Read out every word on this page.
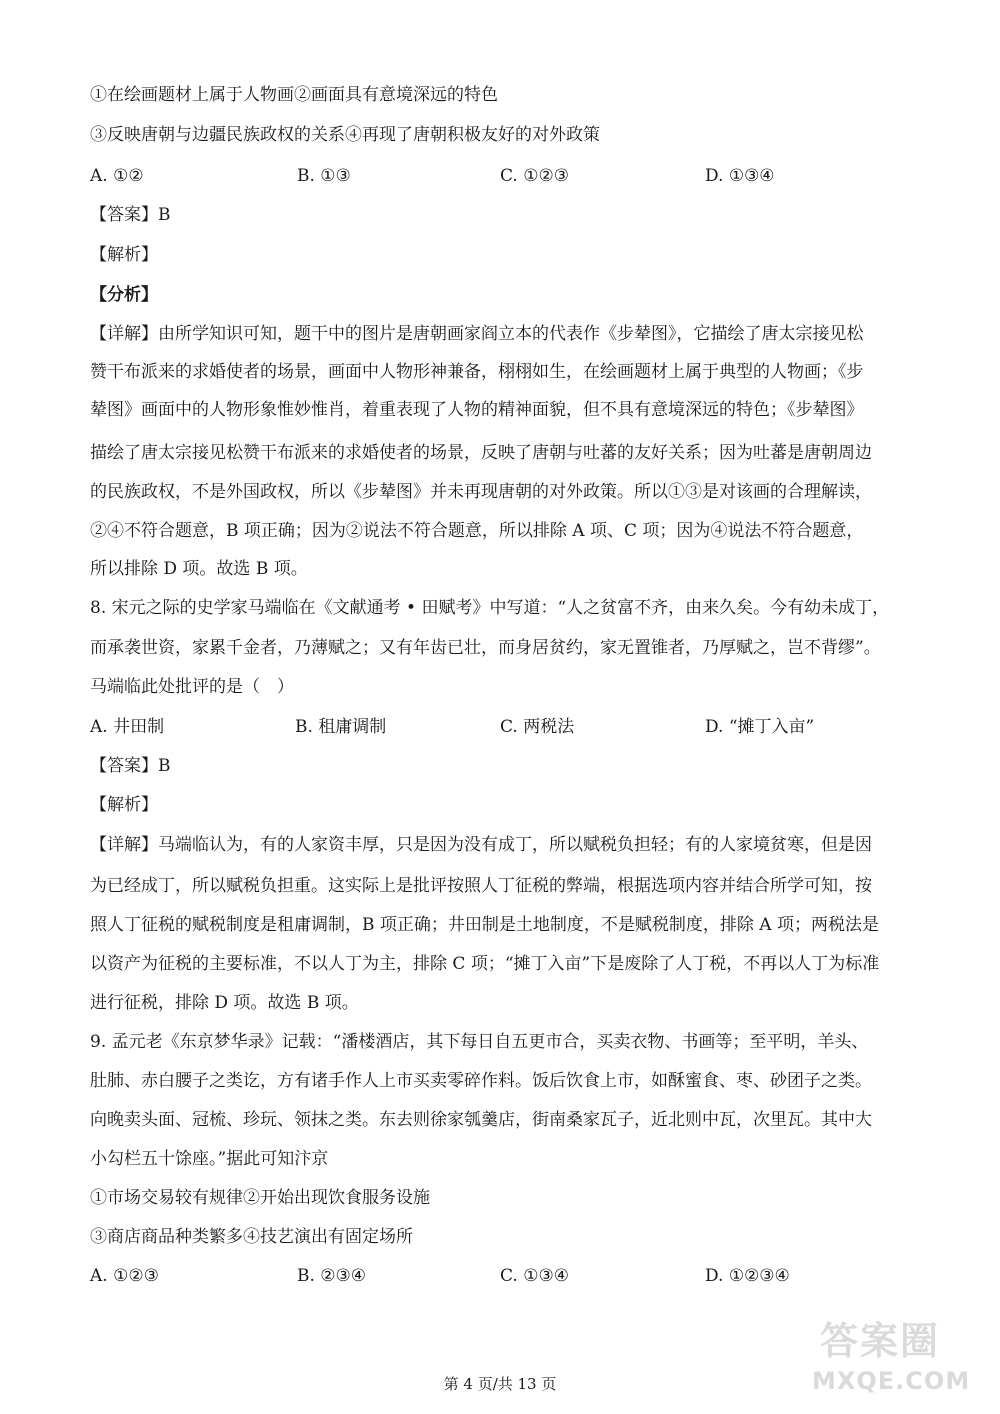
①在绘画题材上属于人物画②画面具有意境深远的特色
③反映唐朝与边疆民族政权的关系④再现了唐朝积极友好的对外政策
A. ①②	B. ①③	C. ①②③	D. ①③④
【答案】B
【解析】
【分析】
【详解】由所学知识可知，题干中的图片是唐朝画家阎立本的代表作《步辇图》，它描绘了唐太宗接见松
赞干布派来的求婚使者的场景，画面中人物形神兼备，栩栩如生，在绘画题材上属于典型的人物画；《步
辇图》画面中的人物形象惟妙惟肖，着重表现了人物的精神面貌，但不具有意境深远的特色；《步辇图》
描绘了唐太宗接见松赞干布派来的求婚使者的场景，反映了唐朝与吐蕃的友好关系；因为吐蕃是唐朝周边
的民族政权，不是外国政权，所以《步辇图》并未再现唐朝的对外政策。所以①③是对该画的合理解读，
②④不符合题意，B 项正确；因为②说法不符合题意，所以排除 A 项、C 项；因为④说法不符合题意，
所以排除 D 项。故选 B 项。
8. 宋元之际的史学家马端临在《文献通考 • 田赋考》中写道：“人之贫富不齐，由来久矣。今有幼未成丁，
而承袭世资，家累千金者，乃薄赋之；又有年齿已壮，而身居贫约，家无置锥者，乃厚赋之，岂不背缪”。
马端临此处批评的是（　）
A. 井田制	B. 租庸调制	C. 两税法	D. “摊丁入亩”
【答案】B
【解析】
【详解】马端临认为，有的人家资丰厚，只是因为没有成丁，所以赋税负担轻；有的人家境贫寒，但是因
为已经成丁，所以赋税负担重。这实际上是批评按照人丁征税的弊端，根据选项内容并结合所学可知，按
照人丁征税的赋税制度是租庸调制，B 项正确；井田制是土地制度，不是赋税制度，排除 A 项；两税法是
以资产为征税的主要标准，不以人丁为主，排除 C 项；“摊丁入亩”下是废除了人丁税，不再以人丁为标准
进行征税，排除 D 项。故选 B 项。
9. 孟元老《东京梦华录》记载：“潘楼酒店，其下每日自五更市合，买卖衣物、书画等；至平明，羊头、
肚肺、赤白腰子之类讫，方有诸手作人上市买卖零碎作料。饭后饮食上市，如酥蜜食、枣、砂团子之类。
向晚卖头面、冠梳、珍玩、领抹之类。东去则徐家瓠羹店，街南桑家瓦子，近北则中瓦，次里瓦。其中大
小勾栏五十馀座。”据此可知汴京
①市场交易较有规律②开始出现饮食服务设施
③商店商品种类繁多④技艺演出有固定场所
A. ①②③	B. ②③④	C. ①③④	D. ①②③④
第 4 页/共 13 页
答案圈
MXQE.COM
